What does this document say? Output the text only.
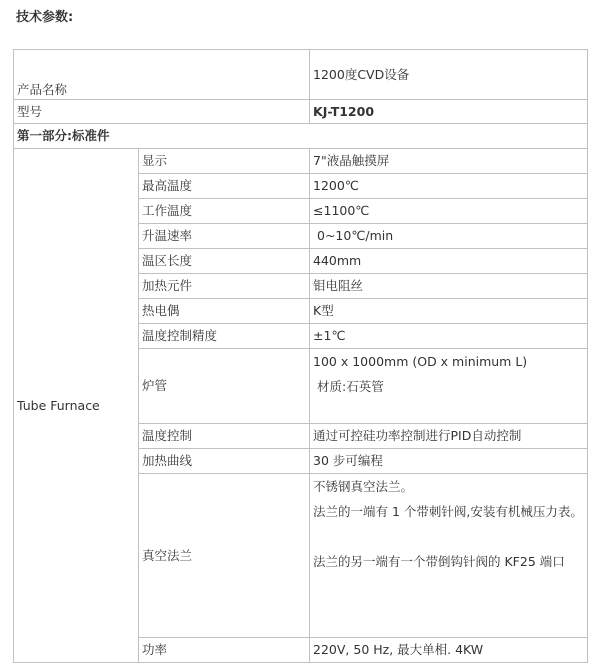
技术参数:
产品名称		1200度CVD设备
型号		KJ-T1200
第一部分:标准件		
Tube Furnace	显示	7"液晶触摸屏
	最高温度	1200℃
	工作温度	≤1100℃
	升温速率	0~10℃/min
	温区长度	440mm
	加热元件	钼电阻丝
	热电偶	K型
	温度控制精度	±1℃
	炉管	100 x 1000mm (OD x minimum L)
材质:石英管

	温度控制	通过可控硅功率控制进行PID自动控制
	加热曲线	30 步可编程
	真空法兰	不锈钢真空法兰。
法兰的一端有 1 个带刺针阀,安装有机械压力表。
法兰的另一端有一个带倒钩针阀的 KF25 端口

	功率	220V, 50 Hz, 最大单相. 4KW
